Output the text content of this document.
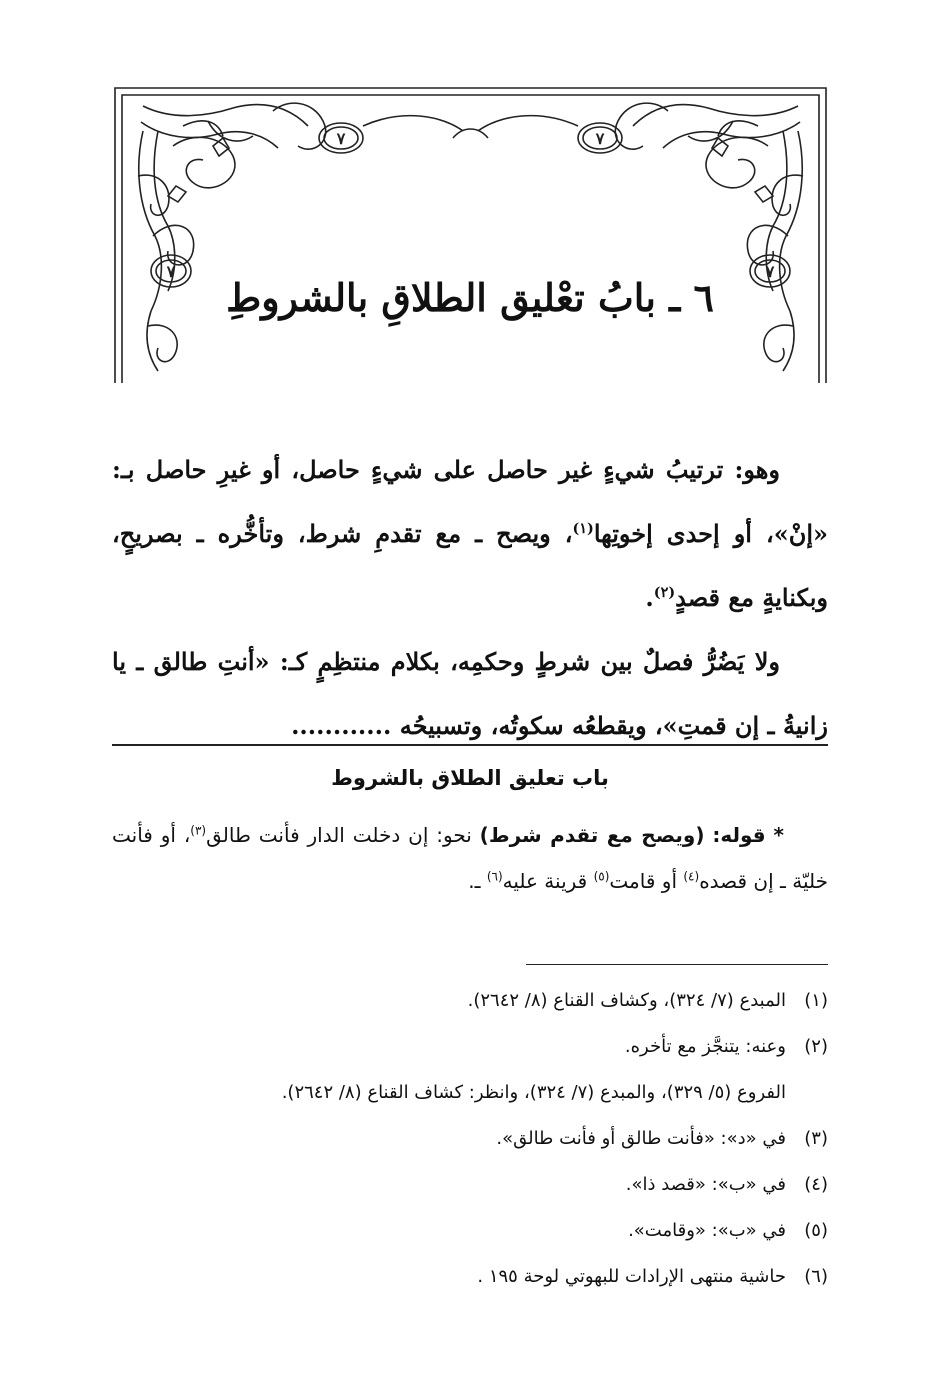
٧	٧
٧	٧
٦ ـ بابُ تعْليق الطلاقِ بالشروطِ

وهو: ترتيبُ شيءٍ غير حاصل على شيءٍ حاصل، أو غيرِ حاصل بـ: «إنْ»، أو إحدى إخوتِها$^{(١)}$، ويصح ـ مع تقدمِ شرط، وتأخُّره ـ بصريحٍ، وبكنايةٍ مع قصدٍ$^{(٢)}$.

ولا يَضُرُّ فصلٌ بين شرطٍ وحكمِه، بكلام منتظِمٍ كـ: «أنتِ طالق ـ يا زانيةُ ـ إن قمتِ»، ويقطعُه سكوتُه، وتسبيحُه ............

باب تعليق الطلاق بالشروط

* قوله: (ويصح مع تقدم شرط) نحو: إن دخلت الدار فأنت طالق$^{(٣)}$، أو فأنت خليّة ـ إن قصده$^{(٤)}$ أو قامت$^{(٥)}$ قرينة عليه$^{(٦)}$ ـ.

(١)المبدع (٧/ ٣٢٤)، وكشاف القناع (٨/ ٢٦٤٢).
(٢)وعنه: يتنجَّز مع تأخره.
الفروع (٥/ ٣٢٩)، والمبدع (٧/ ٣٢٤)، وانظر: كشاف القناع (٨/ ٢٦٤٢).
(٣)في «د»: «فأنت طالق أو فأنت طالق».
(٤)في «ب»: «قصد ذا».
(٥)في «ب»: «وقامت».
(٦)حاشية منتهى الإرادات للبهوتي لوحة ١٩٥ .
